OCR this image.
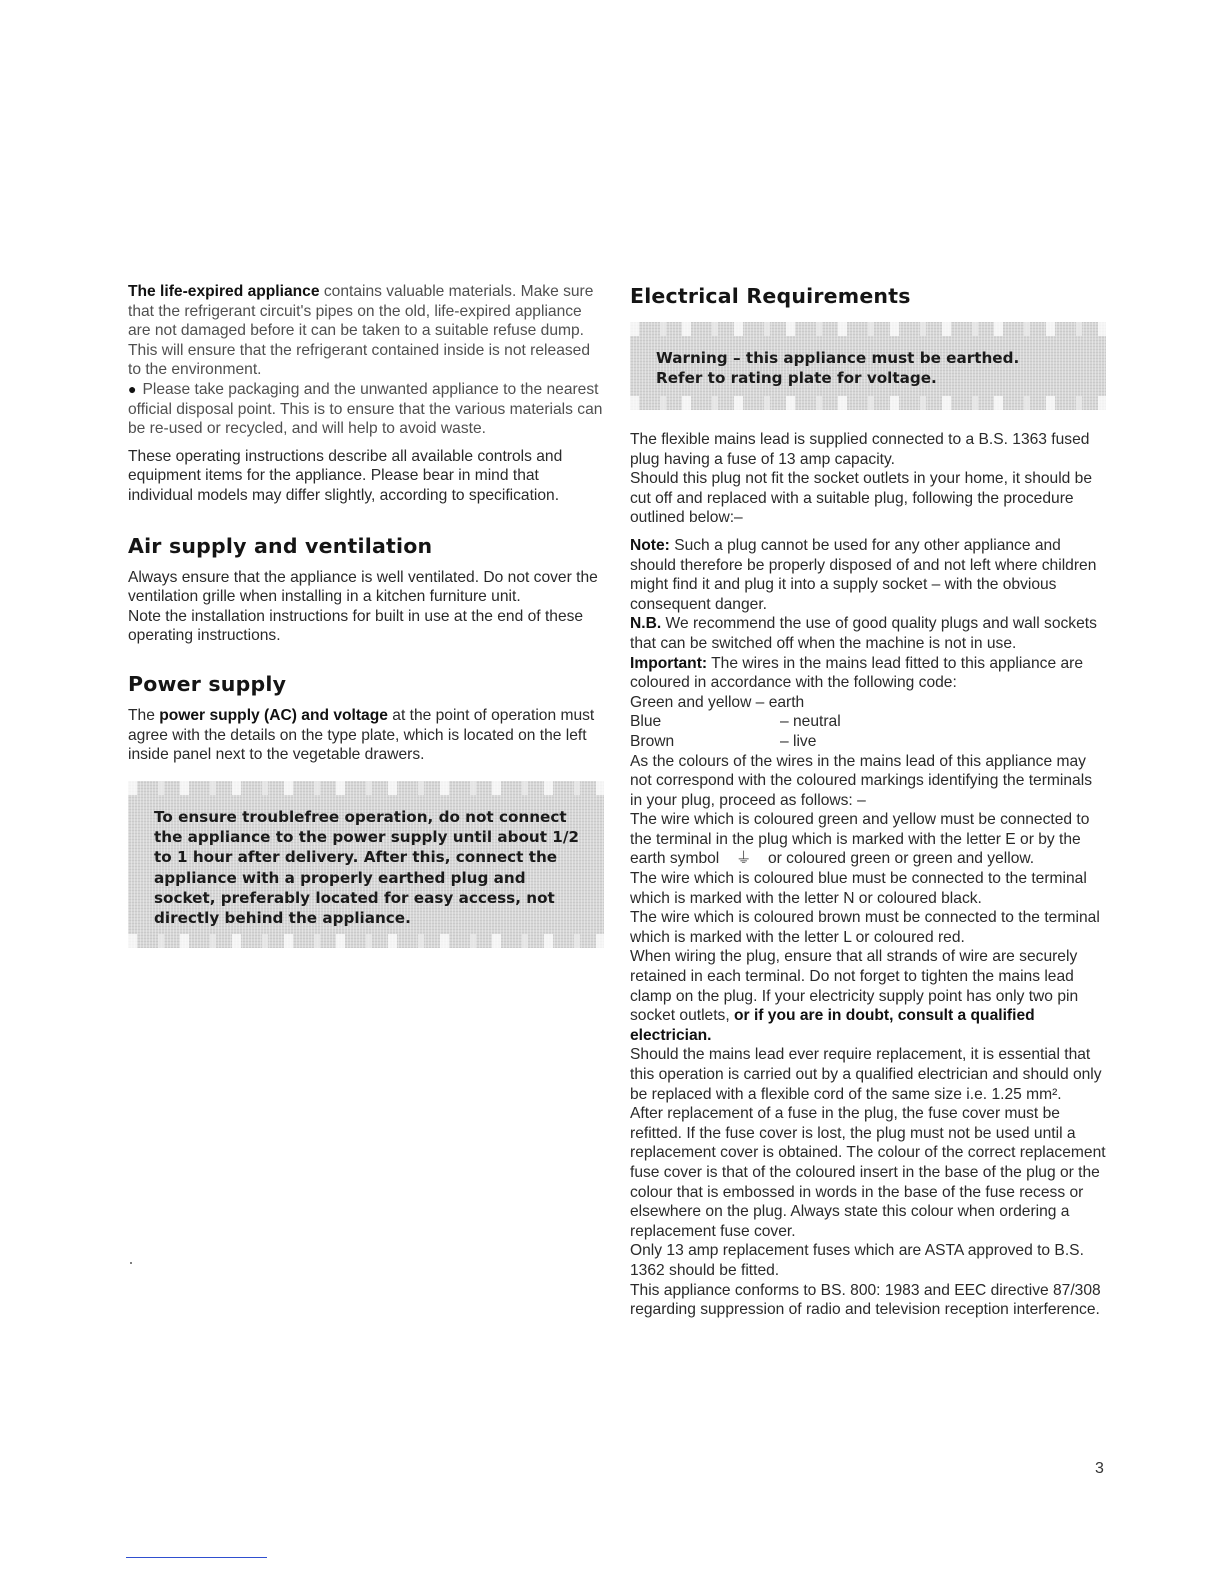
The life-expired appliance contains valuable materials. Make sure that the refrigerant circuit's pipes on the old, life-expired appliance are not damaged before it can be taken to a suitable refuse dump. This will ensure that the refrigerant contained inside is not released to the environment.

● Please take packaging and the unwanted appliance to the nearest official disposal point. This is to ensure that the various materials can be re-used or recycled, and will help to avoid waste.

These operating instructions describe all available controls and equipment items for the appliance. Please bear in mind that individual models may differ slightly, according to specification.

Air supply and ventilation

Always ensure that the appliance is well ventilated. Do not cover the ventilation grille when installing in a kitchen furniture unit.

Note the installation instructions for built in use at the end of these operating instructions.

Power supply

The power supply (AC) and voltage at the point of operation must agree with the details on the type plate, which is located on the left inside panel next to the vegetable drawers.

To ensure troublefree operation, do not connect the appliance to the power supply until about 1/2 to 1 hour after delivery. After this, connect the appliance with a properly earthed plug and socket, preferably located for easy access, not directly behind the appliance.
Electrical Requirements
Warning – this appliance must be earthed.
Refer to rating plate for voltage.

The flexible mains lead is supplied connected to a B.S. 1363 fused plug having a fuse of 13 amp capacity.

Should this plug not fit the socket outlets in your home, it should be cut off and replaced with a suitable plug, following the procedure outlined below:–

Note: Such a plug cannot be used for any other appliance and should therefore be properly disposed of and not left where children might find it and plug it into a supply socket – with the obvious consequent danger.

N.B. We recommend the use of good quality plugs and wall sockets that can be switched off when the machine is not in use.

Important: The wires in the mains lead fitted to this appliance are coloured in accordance with the following code:

Green and yellow – earth

Blue	– neutral

Brown	– live

As the colours of the wires in the mains lead of this appliance may not correspond with the coloured markings identifying the terminals in your plug, proceed as follows: –

The wire which is coloured green and yellow must be connected to the terminal in the plug which is marked with the letter E or by the earth symbol ⏚ or coloured green or green and yellow.

The wire which is coloured blue must be connected to the terminal which is marked with the letter N or coloured black.

The wire which is coloured brown must be connected to the terminal which is marked with the letter L or coloured red.

When wiring the plug, ensure that all strands of wire are securely retained in each terminal. Do not forget to tighten the mains lead clamp on the plug. If your electricity supply point has only two pin socket outlets, or if you are in doubt, consult a qualified electrician.

Should the mains lead ever require replacement, it is essential that this operation is carried out by a qualified electrician and should only be replaced with a flexible cord of the same size i.e. 1.25 mm².

After replacement of a fuse in the plug, the fuse cover must be refitted. If the fuse cover is lost, the plug must not be used until a replacement cover is obtained. The colour of the correct replacement fuse cover is that of the coloured insert in the base of the plug or the colour that is embossed in words in the base of the fuse recess or elsewhere on the plug. Always state this colour when ordering a replacement fuse cover.

Only 13 amp replacement fuses which are ASTA approved to B.S. 1362 should be fitted.

This appliance conforms to BS. 800: 1983 and EEC directive 87/308 regarding suppression of radio and television reception interference.

3
